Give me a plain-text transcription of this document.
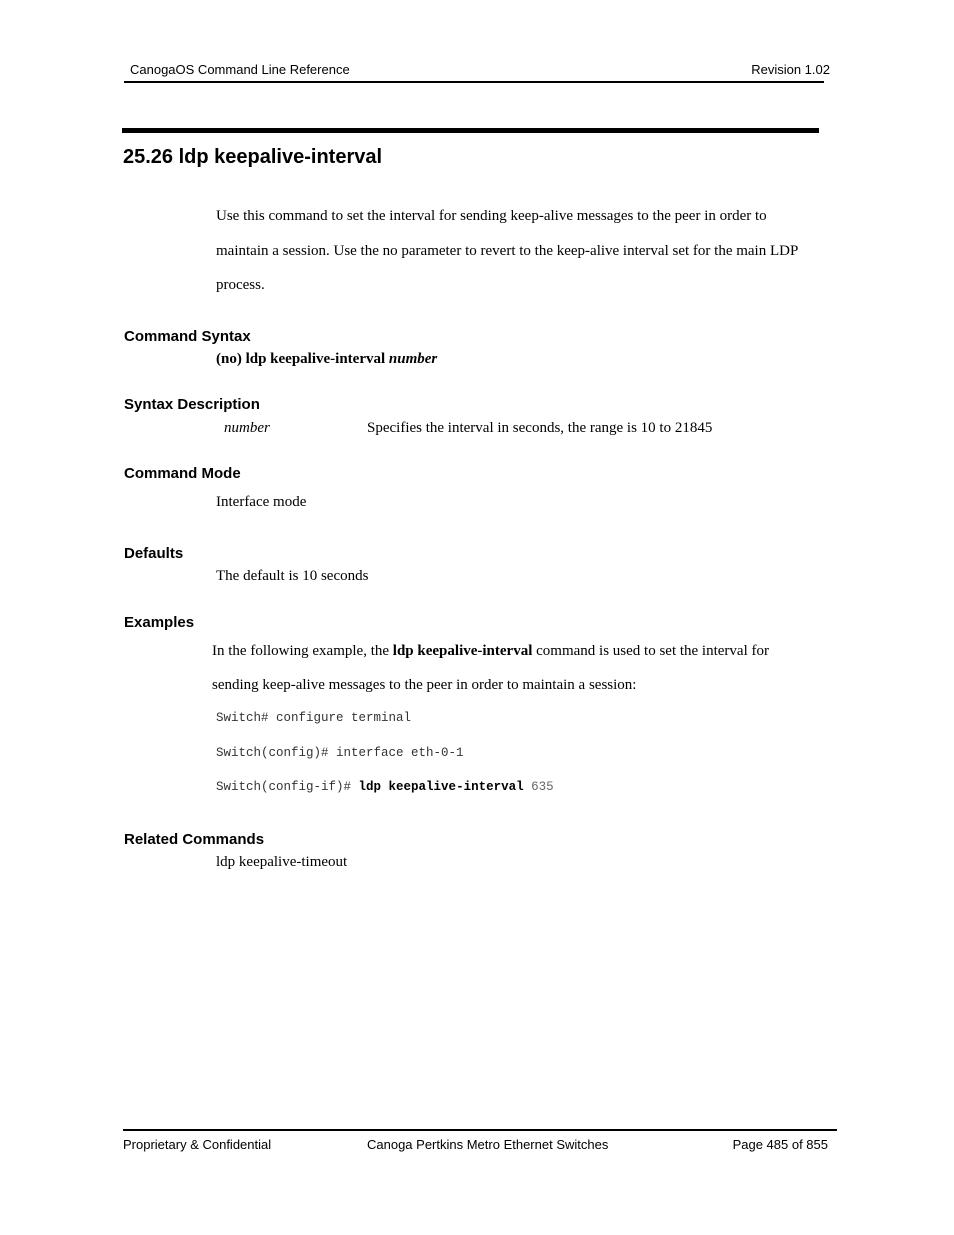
CanogaOS Command Line Reference	Revision 1.02
25.26 ldp keepalive-interval
Use this command to set the interval for sending keep-alive messages to the peer in order to
maintain a session. Use the no parameter to revert to the keep-alive interval set for the main LDP
process.
Command Syntax
(no) ldp keepalive-interval number
Syntax Description
number	Specifies the interval in seconds, the range is 10 to 21845
Command Mode
Interface mode
Defaults
The default is 10 seconds
Examples
In the following example, the ldp keepalive-interval command is used to set the interval for
sending keep-alive messages to the peer in order to maintain a session:
Switch# configure terminal
Switch(config)# interface eth-0-1
Switch(config-if)# ldp keepalive-interval 635
Related Commands
ldp keepalive-timeout
Proprietary & Confidential	Canoga Pertkins Metro Ethernet Switches	Page 485 of 855
